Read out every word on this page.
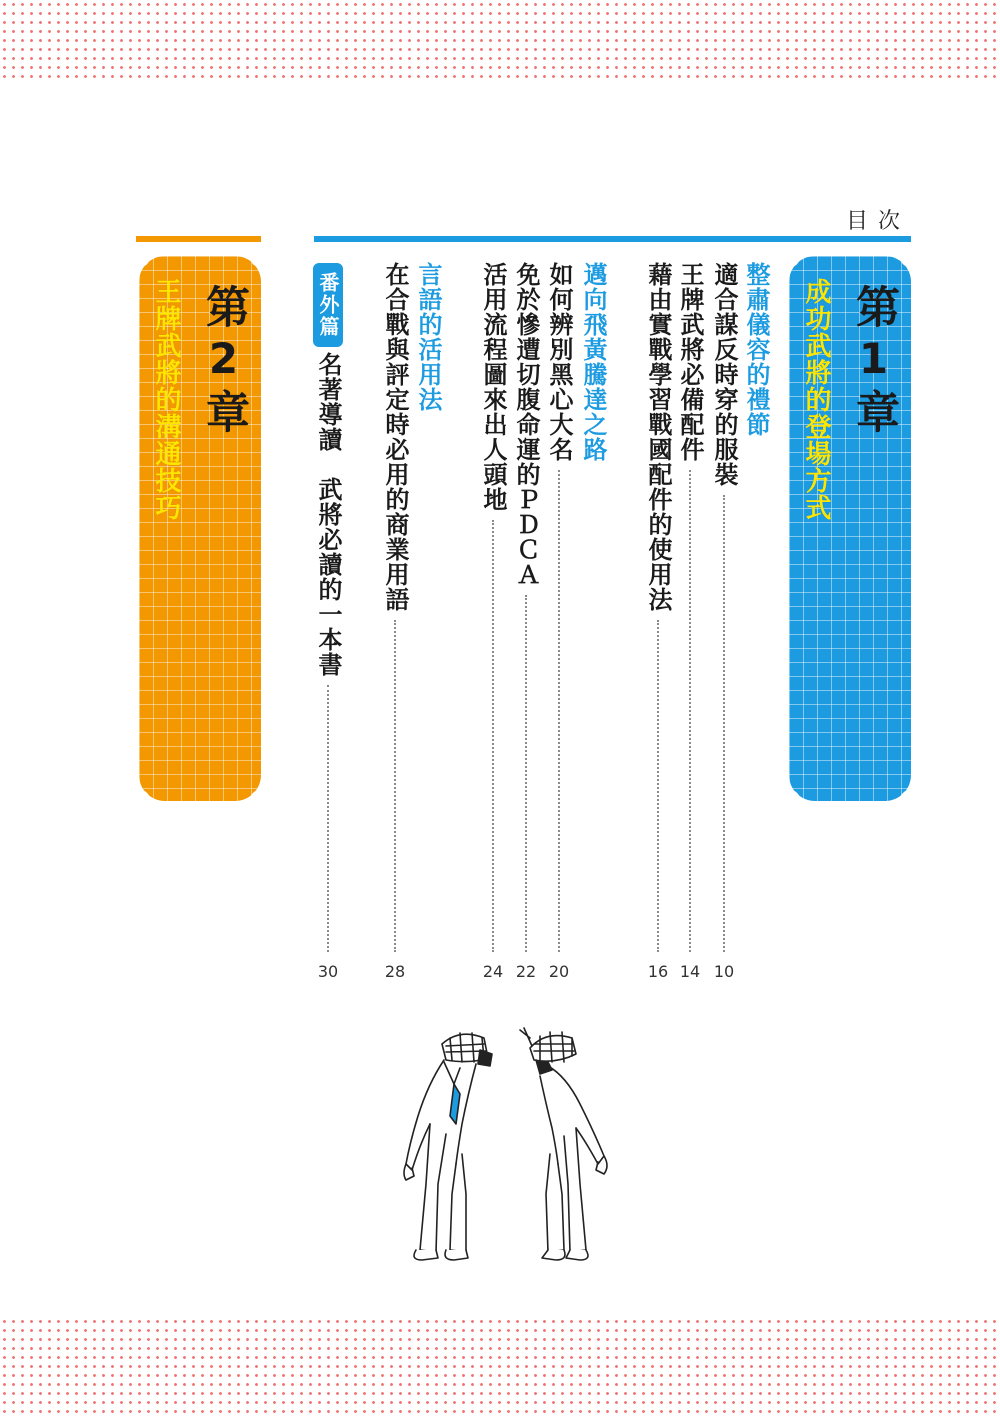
目次
第1章
成功武將的登場方式
整肅儀容的禮節
適合謀反時穿的服裝
10
王牌武將必備配件
14
藉由實戰學習戰國配件的使用法
16
邁向飛黃騰達之路
如何辨別黑心大名
20
免於慘遭切腹命運的ＰＤＣＡ
22
活用流程圖來出人頭地
24
言語的活用法
在合戰與評定時必用的商業用語
28
番外篇
名著導讀　武將必讀的一本書
30
第2章
王牌武將的溝通技巧
